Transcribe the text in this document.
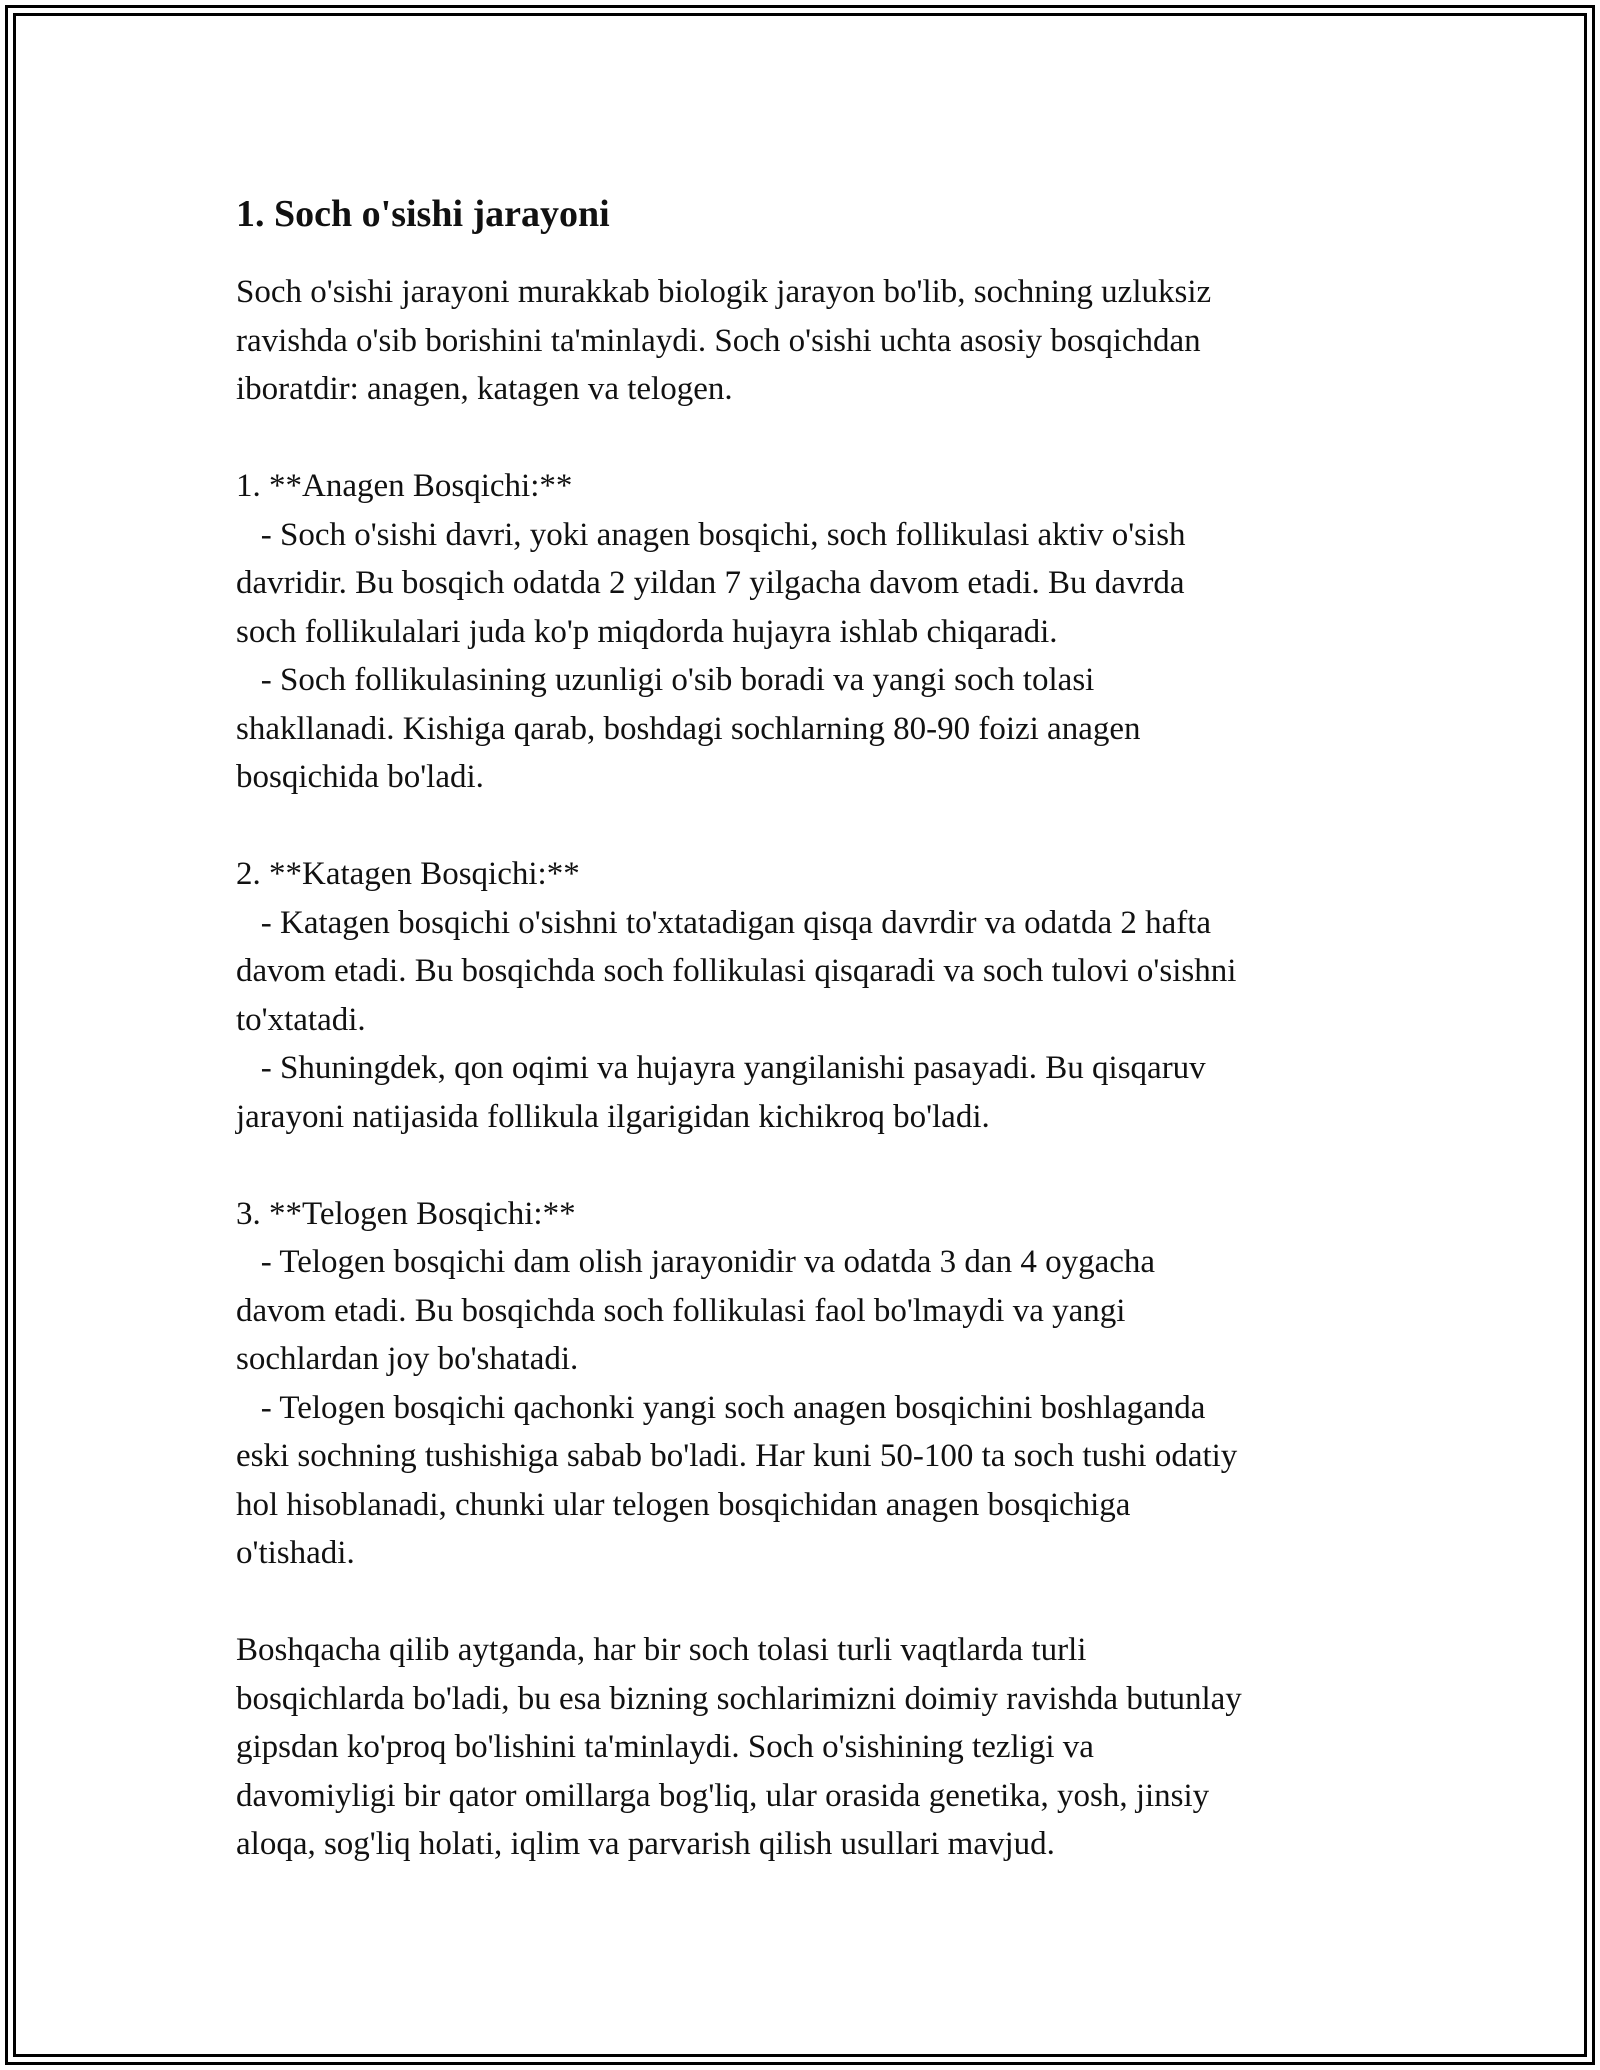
1. Soch o'sishi jarayoni

Soch o'sishi jarayoni murakkab biologik jarayon bo'lib, sochning uzluksiz
ravishda o'sib borishini ta'minlaydi. Soch o'sishi uchta asosiy bosqichdan
iboratdir: anagen, katagen va telogen.

1. **Anagen Bosqichi:**
- Soch o'sishi davri, yoki anagen bosqichi, soch follikulasi aktiv o'sish
davridir. Bu bosqich odatda 2 yildan 7 yilgacha davom etadi. Bu davrda
soch follikulalari juda ko'p miqdorda hujayra ishlab chiqaradi.
- Soch follikulasining uzunligi o'sib boradi va yangi soch tolasi
shakllanadi. Kishiga qarab, boshdagi sochlarning 80-90 foizi anagen
bosqichida bo'ladi.

2. **Katagen Bosqichi:**
- Katagen bosqichi o'sishni to'xtatadigan qisqa davrdir va odatda 2 hafta
davom etadi. Bu bosqichda soch follikulasi qisqaradi va soch tulovi o'sishni
to'xtatadi.
- Shuningdek, qon oqimi va hujayra yangilanishi pasayadi. Bu qisqaruv
jarayoni natijasida follikula ilgarigidan kichikroq bo'ladi.

3. **Telogen Bosqichi:**
- Telogen bosqichi dam olish jarayonidir va odatda 3 dan 4 oygacha
davom etadi. Bu bosqichda soch follikulasi faol bo'lmaydi va yangi
sochlardan joy bo'shatadi.
- Telogen bosqichi qachonki yangi soch anagen bosqichini boshlaganda
eski sochning tushishiga sabab bo'ladi. Har kuni 50-100 ta soch tushi odatiy
hol hisoblanadi, chunki ular telogen bosqichidan anagen bosqichiga
o'tishadi.

Boshqacha qilib aytganda, har bir soch tolasi turli vaqtlarda turli
bosqichlarda bo'ladi, bu esa bizning sochlarimizni doimiy ravishda butunlay
gipsdan ko'proq bo'lishini ta'minlaydi. Soch o'sishining tezligi va
davomiyligi bir qator omillarga bog'liq, ular orasida genetika, yosh, jinsiy
aloqa, sog'liq holati, iqlim va parvarish qilish usullari mavjud.
